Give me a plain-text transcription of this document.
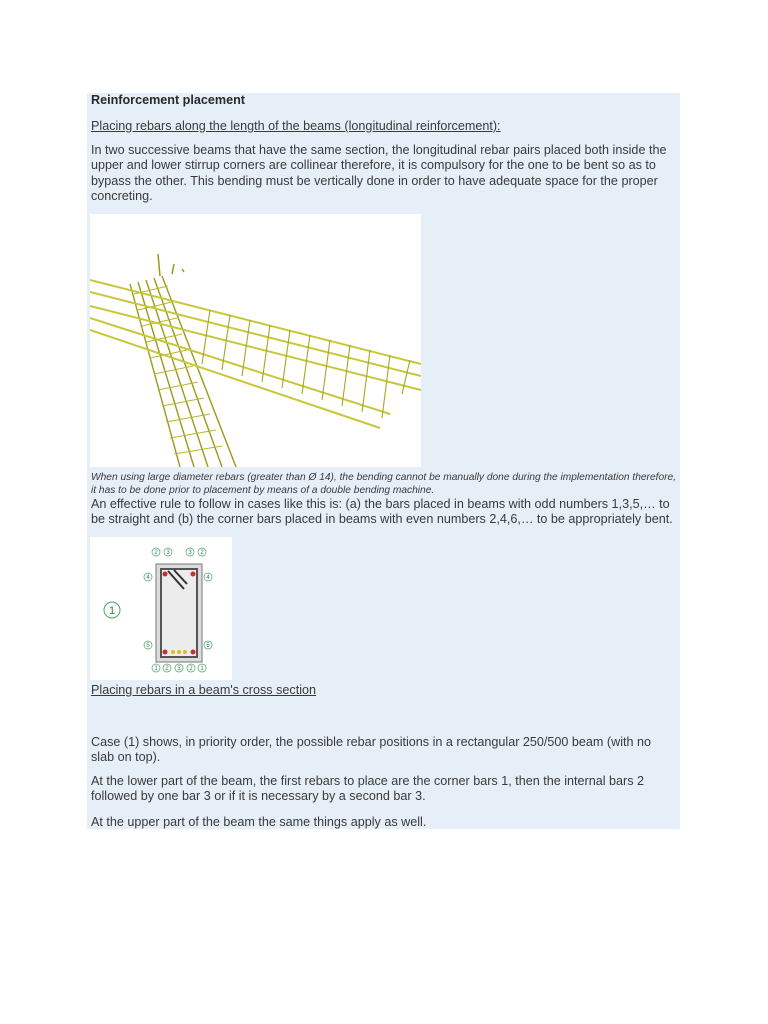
Reinforcement placement
Placing rebars along the length of the beams (longitudinal reinforcement):
In two successive beams that have the same section, the longitudinal rebar pairs placed both inside the upper and lower stirrup corners are collinear therefore, it is compulsory for the one to be bent so as to bypass the other. This bending must be vertically done in order to have adequate space for the proper concreting.
When using large diameter rebars (greater than Ø 14), the bending cannot be manually done during the implementation therefore, it has to be done prior to placement by means of a double bending machine.
An effective rule to follow in cases like this is: (a) the bars placed in beams with odd numbers 1,3,5,… to be straight and (b) the corner bars placed in beams with even numbers 2,4,6,… to be appropriately bent.
1
2 3	3 2
4
5
4
5
1 2 3 2 1
Placing rebars in a beam's cross section
Case (1) shows, in priority order, the possible rebar positions in a rectangular 250/500 beam (with no slab on top).
At the lower part of the beam, the first rebars to place are the corner bars 1, then the internal bars 2 followed by one bar 3 or if it is necessary by a second bar 3.
At the upper part of the beam the same things apply as well.
